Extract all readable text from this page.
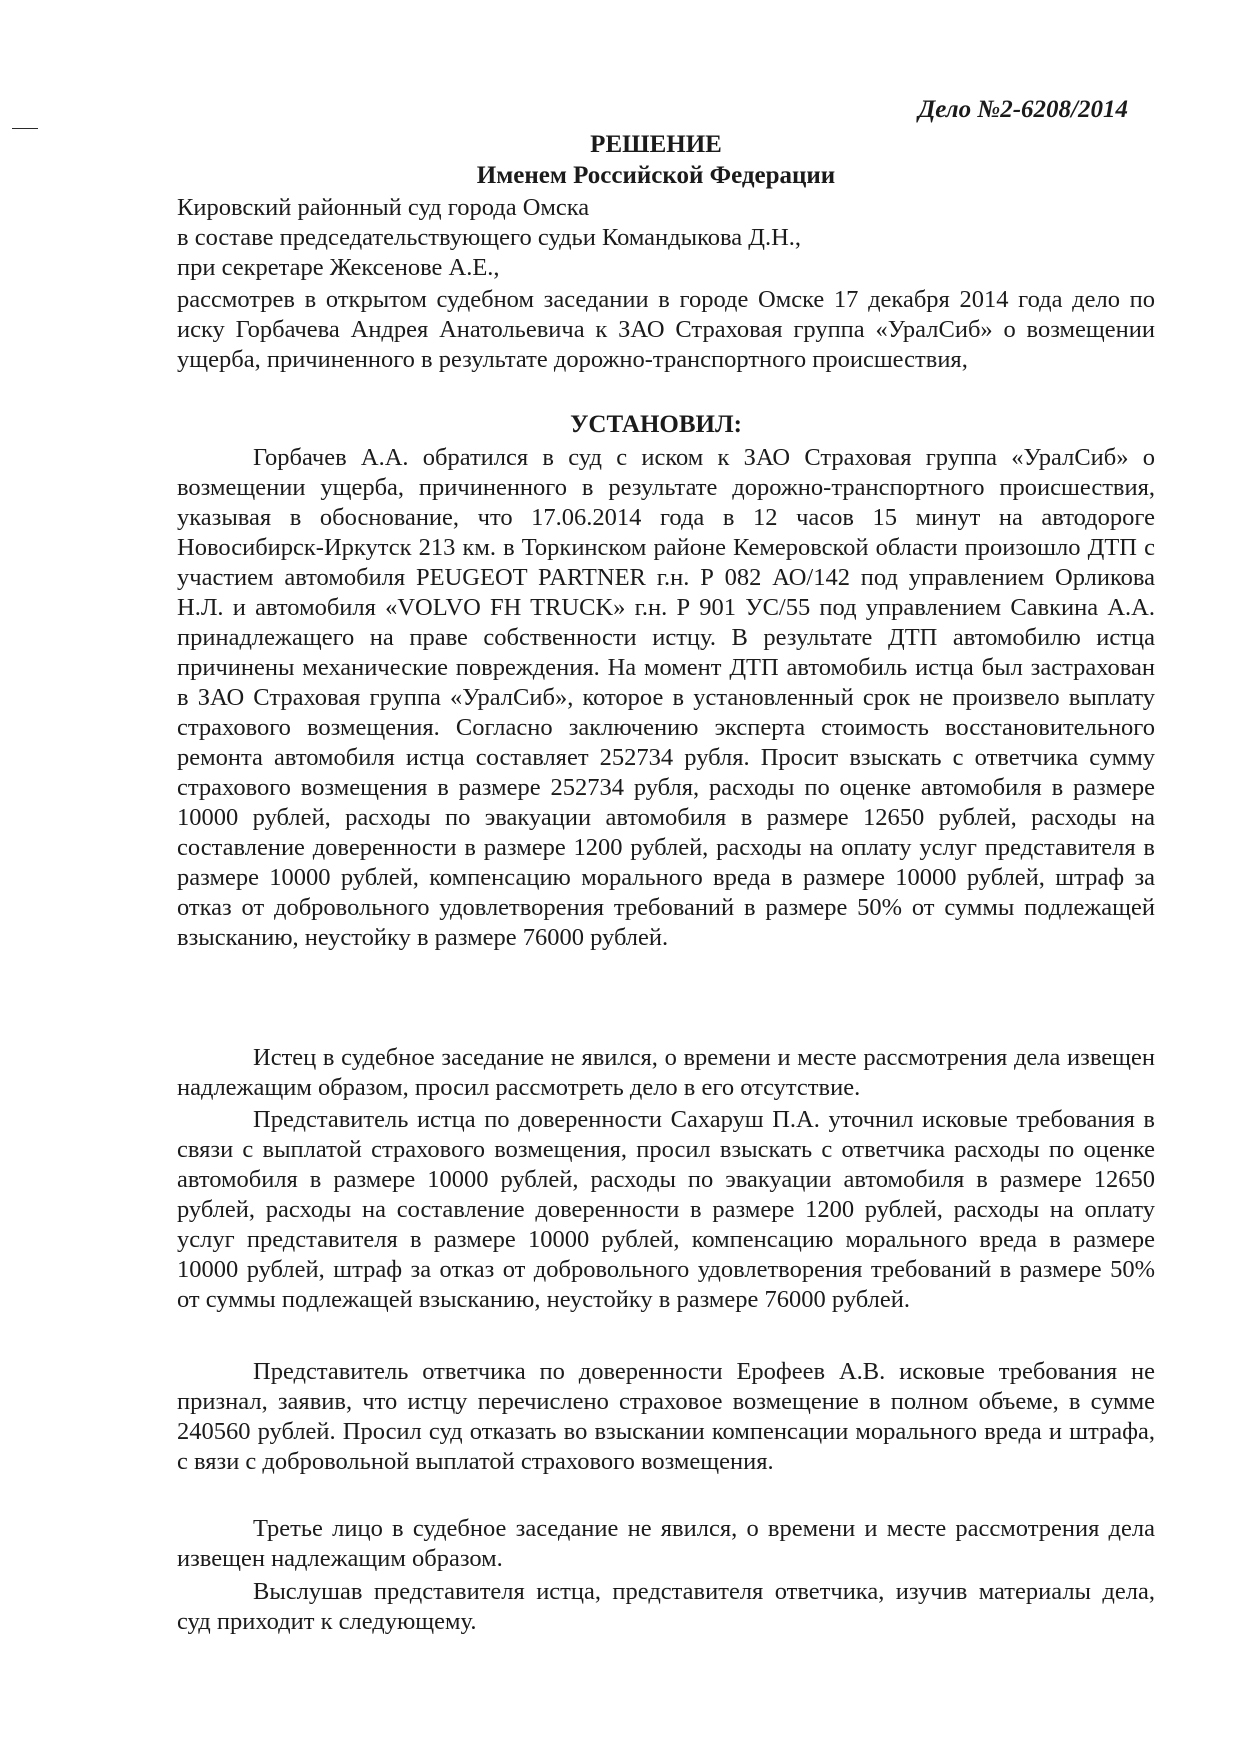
Дело №2-6208/2014
РЕШЕНИЕ
Именем Российской Федерации
Кировский районный суд города Омска
в составе председательствующего судьи Командыкова Д.Н.,
при секретаре Жексенове А.Е.,

рассмотрев в открытом судебном заседании в городе Омске 17 декабря 2014 года дело по иску Горбачева Андрея Анатольевича к ЗАО Страховая группа «УралСиб» о возмещении ущерба, причиненного в результате дорожно-транспортного происшествия,

УСТАНОВИЛ:

Горбачев А.А. обратился в суд с иском к ЗАО Страховая группа «УралСиб» о возмещении ущерба, причиненного в результате дорожно-транспортного происшествия, указывая в обоснование, что 17.06.2014 года в 12 часов 15 минут на автодороге Новосибирск-Иркутск 213 км. в Торкинском районе Кемеровской области произошло ДТП с участием автомобиля PEUGEOT PARTNER г.н. Р 082 АО/142 под управлением Орликова Н.Л. и автомобиля «VOLVO FH TRUCK» г.н. Р 901 УС/55 под управлением Савкина А.А. принадлежащего на праве собственности истцу. В результате ДТП автомобилю истца причинены механические повреждения. На момент ДТП автомобиль истца был застрахован в ЗАО Страховая группа «УралСиб», которое в установленный срок не произвело выплату страхового возмещения. Согласно заключению эксперта стоимость восстановительного ремонта автомобиля истца составляет 252734 рубля. Просит взыскать с ответчика сумму страхового возмещения в размере 252734 рубля, расходы по оценке автомобиля в размере 10000 рублей, расходы по эвакуации автомобиля в размере 12650 рублей, расходы на составление доверенности в размере 1200 рублей, расходы на оплату услуг представителя в размере 10000 рублей, компенсацию морального вреда в размере 10000 рублей, штраф за отказ от добровольного удовлетворения требований в размере 50% от суммы подлежащей взысканию, неустойку в размере 76000 рублей.

Истец в судебное заседание не явился, о времени и месте рассмотрения дела извещен надлежащим образом, просил рассмотреть дело в его отсутствие.

Представитель истца по доверенности Сахаруш П.А. уточнил исковые требования в связи с выплатой страхового возмещения, просил взыскать с ответчика расходы по оценке автомобиля в размере 10000 рублей, расходы по эвакуации автомобиля в размере 12650 рублей, расходы на составление доверенности в размере 1200 рублей, расходы на оплату услуг представителя в размере 10000 рублей, компенсацию морального вреда в размере 10000 рублей, штраф за отказ от добровольного удовлетворения требований в размере 50% от суммы подлежащей взысканию, неустойку в размере 76000 рублей.

Представитель ответчика по доверенности Ерофеев А.В. исковые требования не признал, заявив, что истцу перечислено страховое возмещение в полном объеме, в сумме 240560 рублей. Просил суд отказать во взыскании компенсации морального вреда и штрафа, с вязи с добровольной выплатой страхового возмещения.

Третье лицо в судебное заседание не явился, о времени и месте рассмотрения дела извещен надлежащим образом.

Выслушав представителя истца, представителя ответчика, изучив материалы дела, суд приходит к следующему.
